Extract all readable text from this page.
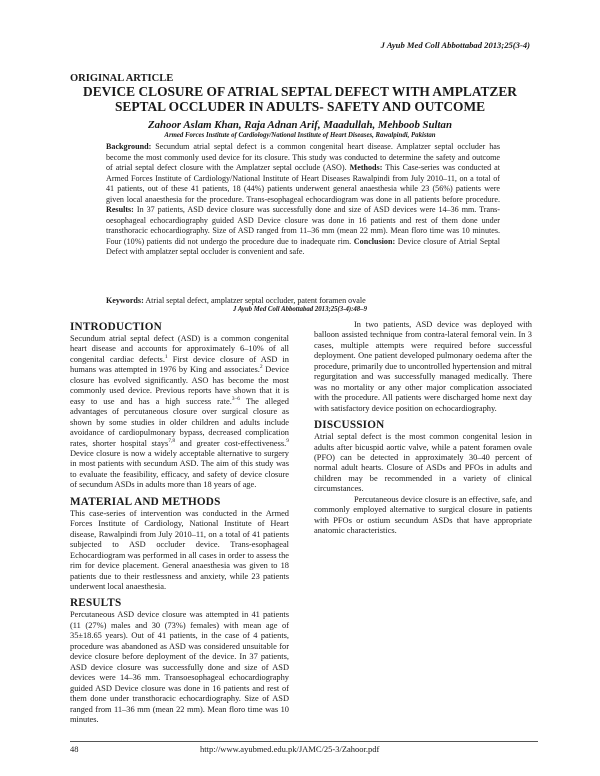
J Ayub Med Coll Abbottabad 2013;25(3-4)
ORIGINAL ARTICLE
DEVICE CLOSURE OF ATRIAL SEPTAL DEFECT WITH AMPLATZER
SEPTAL OCCLUDER IN ADULTS- SAFETY AND OUTCOME
Zahoor Aslam Khan, Raja Adnan Arif, Maadullah, Mehboob Sultan
Armed Forces Institute of Cardiology/National Institute of Heart Diseases, Rawalpindi, Pakistan
Background: Secundum atrial septal defect is a common congenital heart disease. Amplatzer septal occluder has become the most commonly used device for its closure. This study was conducted to determine the safety and outcome of atrial septal defect closure with the Amplatzer septal occlude (ASO). Methods: This Case-series was conducted at Armed Forces Institute of Cardiology/National Institute of Heart Diseases Rawalpindi from July 2010–11, on a total of 41 patients, out of these 41 patients, 18 (44%) patients underwent general anaesthesia while 23 (56%) patients were given local anaesthesia for the procedure. Trans-esophageal echocardiogram was done in all patients before procedure. Results: In 37 patients, ASD device closure was successfully done and size of ASD devices were 14–36 mm. Trans-oesophageal echocardiography guided ASD Device closure was done in 16 patients and rest of them done under transthoracic echocardiography. Size of ASD ranged from 11–36 mm (mean 22 mm). Mean floro time was 10 minutes. Four (10%) patients did not undergo the procedure due to inadequate rim. Conclusion: Device closure of Atrial Septal Defect with amplatzer septal occluder is convenient and safe.
Keywords: Atrial septal defect, amplatzer septal occluder, patent foramen ovale
J Ayub Med Coll Abbottabad 2013;25(3-4):48–9
INTRODUCTION

Secundum atrial septal defect (ASD) is a common congenital heart disease and accounts for approximately 6–10% of all congenital cardiac defects.$^1$ First device closure of ASD in humans was attempted in 1976 by King and associates.$^2$ Device closure has evolved significantly. ASO has become the most commonly used device. Previous reports have shown that it is easy to use and has a high success rate.$^{3-6}$ The alleged advantages of percutaneous closure over surgical closure as shown by some studies in older children and adults include avoidance of cardiopulmonary bypass, decreased complication rates, shorter hospital stays$^{7,8}$ and greater cost-effectiveness.$^9$ Device closure is now a widely acceptable alternative to surgery in most patients with secundum ASD. The aim of this study was to evaluate the feasibility, efficacy, and safety of device closure of secundum ASDs in adults more than 18 years of age.

MATERIAL AND METHODS

This case-series of intervention was conducted in the Armed Forces Institute of Cardiology, National Institute of Heart disease, Rawalpindi from July 2010–11, on a total of 41 patients subjected to ASD occluder device. Trans-esophageal Echocardiogram was performed in all cases in order to assess the rim for device placement. General anaesthesia was given to 18 patients due to their restlessness and anxiety, while 23 patients underwent local anaesthesia.

RESULTS

Percutaneous ASD device closure was attempted in 41 patients (11 (27%) males and 30 (73%) females) with mean age of 35±18.65 years). Out of 41 patients, in the case of 4 patients, procedure was abandoned as ASD was considered unsuitable for device closure before deployment of the device. In 37 patients, ASD device closure was successfully done and size of ASD devices were 14–36 mm. Transoesophageal echocardiography guided ASD Device closure was done in 16 patients and rest of them done under transthoracic echocardiography. Size of ASD ranged from 11–36 mm (mean 22 mm). Mean floro time was 10 minutes.

In two patients, ASD device was deployed with balloon assisted technique from contra-lateral femoral vein. In 3 cases, multiple attempts were required before successful deployment. One patient developed pulmonary oedema after the procedure, primarily due to uncontrolled hypertension and mitral regurgitation and was successfully managed medically. There was no mortality or any other major complication associated with the procedure. All patients were discharged home next day with satisfactory device position on echocardiography.

DISCUSSION

Atrial septal defect is the most common congenital lesion in adults after bicuspid aortic valve, while a patent foramen ovale (PFO) can be detected in approximately 30–40 percent of normal adult hearts. Closure of ASDs and PFOs in adults and children may be recommended in a variety of clinical circumstances.

Percutaneous device closure is an effective, safe, and commonly employed alternative to surgical closure in patients with PFOs or ostium secundum ASDs that have appropriate anatomic characteristics.

48	http://www.ayubmed.edu.pk/JAMC/25-3/Zahoor.pdf
